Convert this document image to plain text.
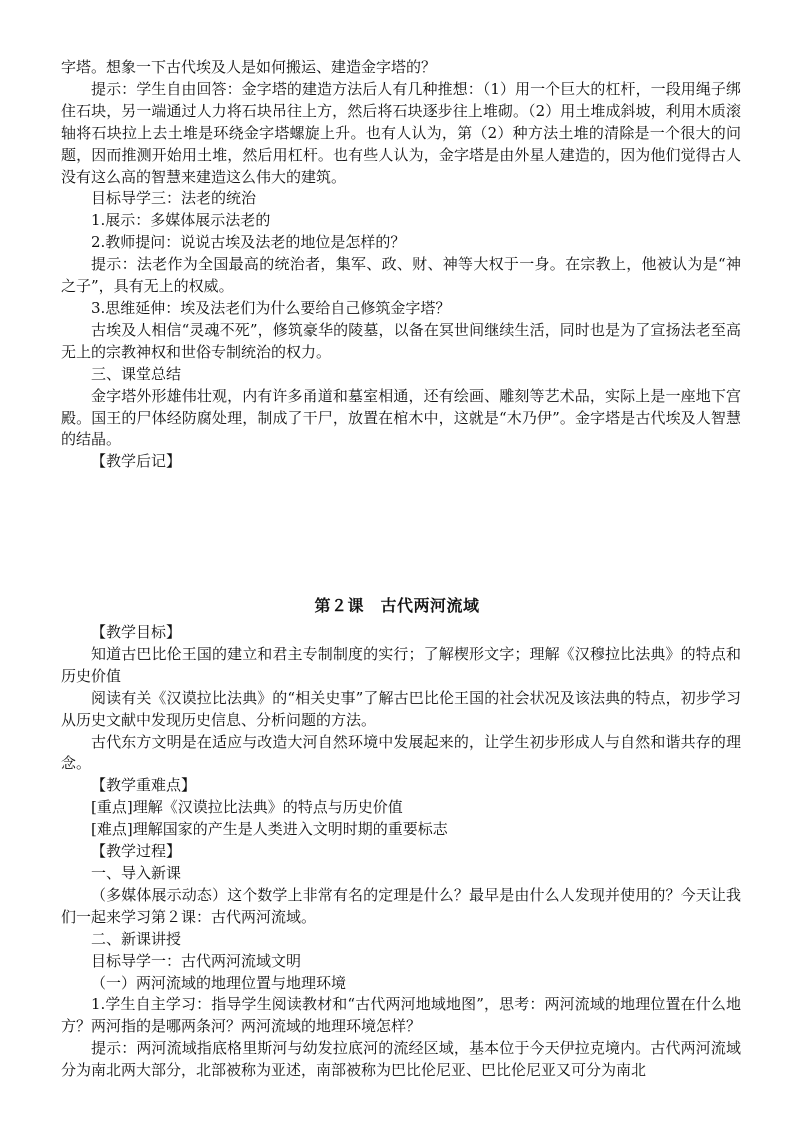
字塔。想象一下古代埃及人是如何搬运、建造金字塔的？

提示：学生自由回答：金字塔的建造方法后人有几种推想：（1）用一个巨大的杠杆，一段用绳子绑住石块，另一端通过人力将石块吊往上方，然后将石块逐步往上堆砌。（2）用土堆成斜坡，利用木质滚轴将石块拉上去土堆是环绕金字塔螺旋上升。也有人认为，第（2）种方法土堆的清除是一个很大的问题，因而推测开始用土堆，然后用杠杆。也有些人认为，金字塔是由外星人建造的，因为他们觉得古人没有这么高的智慧来建造这么伟大的建筑。

目标导学三：法老的统治

1.展示：多媒体展示法老的

2.教师提问：说说古埃及法老的地位是怎样的？

提示：法老作为全国最高的统治者，集军、政、财、神等大权于一身。在宗教上，他被认为是“神之子”，具有无上的权威。

3.思维延伸：埃及法老们为什么要给自己修筑金字塔？

古埃及人相信“灵魂不死”，修筑豪华的陵墓，以备在冥世间继续生活，同时也是为了宣扬法老至高无上的宗教神权和世俗专制统治的权力。

三、课堂总结

金字塔外形雄伟壮观，内有许多甬道和墓室相通，还有绘画、雕刻等艺术品，实际上是一座地下宫殿。国王的尸体经防腐处理，制成了干尸，放置在棺木中，这就是“木乃伊”。金字塔是古代埃及人智慧的结晶。

【教学后记】

第２课　古代两河流域

【教学目标】

知道古巴比伦王国的建立和君主专制制度的实行；了解楔形文字；理解《汉穆拉比法典》的特点和历史价值

阅读有关《汉谟拉比法典》的“相关史事”了解古巴比伦王国的社会状况及该法典的特点，初步学习从历史文献中发现历史信息、分析问题的方法。

古代东方文明是在适应与改造大河自然环境中发展起来的，让学生初步形成人与自然和谐共存的理念。

【教学重难点】

[重点]理解《汉谟拉比法典》的特点与历史价值

[难点]理解国家的产生是人类进入文明时期的重要标志

【教学过程】

一、导入新课

（多媒体展示动态）这个数学上非常有名的定理是什么？最早是由什么人发现并使用的？今天让我们一起来学习第２课：古代两河流域。

二、新课讲授

目标导学一：古代两河流域文明

（一）两河流域的地理位置与地理环境

1.学生自主学习：指导学生阅读教材和“古代两河地域地图”，思考：两河流域的地理位置在什么地方？两河指的是哪两条河？两河流域的地理环境怎样？

提示：两河流域指底格里斯河与幼发拉底河的流经区域，基本位于今天伊拉克境内。古代两河流域分为南北两大部分，北部被称为亚述，南部被称为巴比伦尼亚、巴比伦尼亚又可分为南北
